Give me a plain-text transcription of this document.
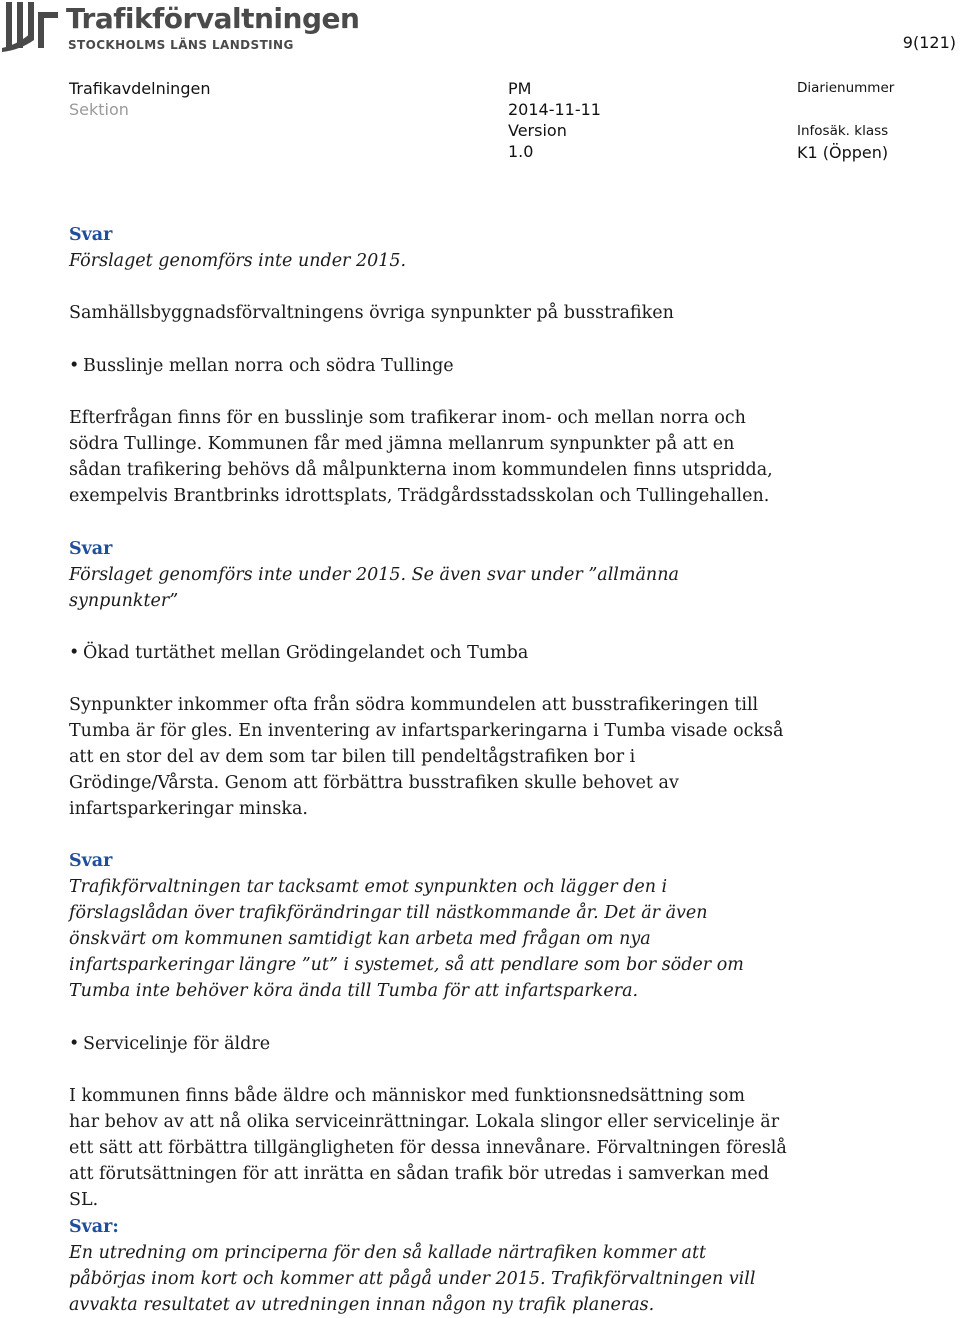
Trafikförvaltningen
STOCKHOLMS LÄNS LANDSTING	9(121)
Trafikavdelningen
Sektion
PM
2014-11-11
Version
1.0
Diarienummer
Infosäk. klass
K1 (Öppen)
Svar
Förslaget genomförs inte under 2015.
Samhällsbyggnadsförvaltningens övriga synpunkter på busstrafiken
• Busslinje mellan norra och södra Tullinge
Efterfrågan finns för en busslinje som trafikerar inom- och mellan norra och
södra Tullinge. Kommunen får med jämna mellanrum synpunkter på att en
sådan trafikering behövs då målpunkterna inom kommundelen finns utspridda,
exempelvis Brantbrinks idrottsplats, Trädgårdsstadsskolan och Tullingehallen.
Svar
Förslaget genomförs inte under 2015. Se även svar under ”allmänna
synpunkter”
• Ökad turtäthet mellan Grödingelandet och Tumba
Synpunkter inkommer ofta från södra kommundelen att busstrafikeringen till
Tumba är för gles. En inventering av infartsparkeringarna i Tumba visade också
att en stor del av dem som tar bilen till pendeltågstrafiken bor i
Grödinge/Vårsta. Genom att förbättra busstrafiken skulle behovet av
infartsparkeringar minska.
Svar
Trafikförvaltningen tar tacksamt emot synpunkten och lägger den i
förslagslådan över trafikförändringar till nästkommande år. Det är även
önskvärt om kommunen samtidigt kan arbeta med frågan om nya
infartsparkeringar längre ”ut” i systemet, så att pendlare som bor söder om
Tumba inte behöver köra ända till Tumba för att infartsparkera.
• Servicelinje för äldre
I kommunen finns både äldre och människor med funktionsnedsättning som
har behov av att nå olika serviceinrättningar. Lokala slingor eller servicelinje är
ett sätt att förbättra tillgängligheten för dessa innevånare. Förvaltningen föreslå
att förutsättningen för att inrätta en sådan trafik bör utredas i samverkan med
SL.
Svar:
En utredning om principerna för den så kallade närtrafiken kommer att
påbörjas inom kort och kommer att pågå under 2015. Trafikförvaltningen vill
avvakta resultatet av utredningen innan någon ny trafik planeras.
